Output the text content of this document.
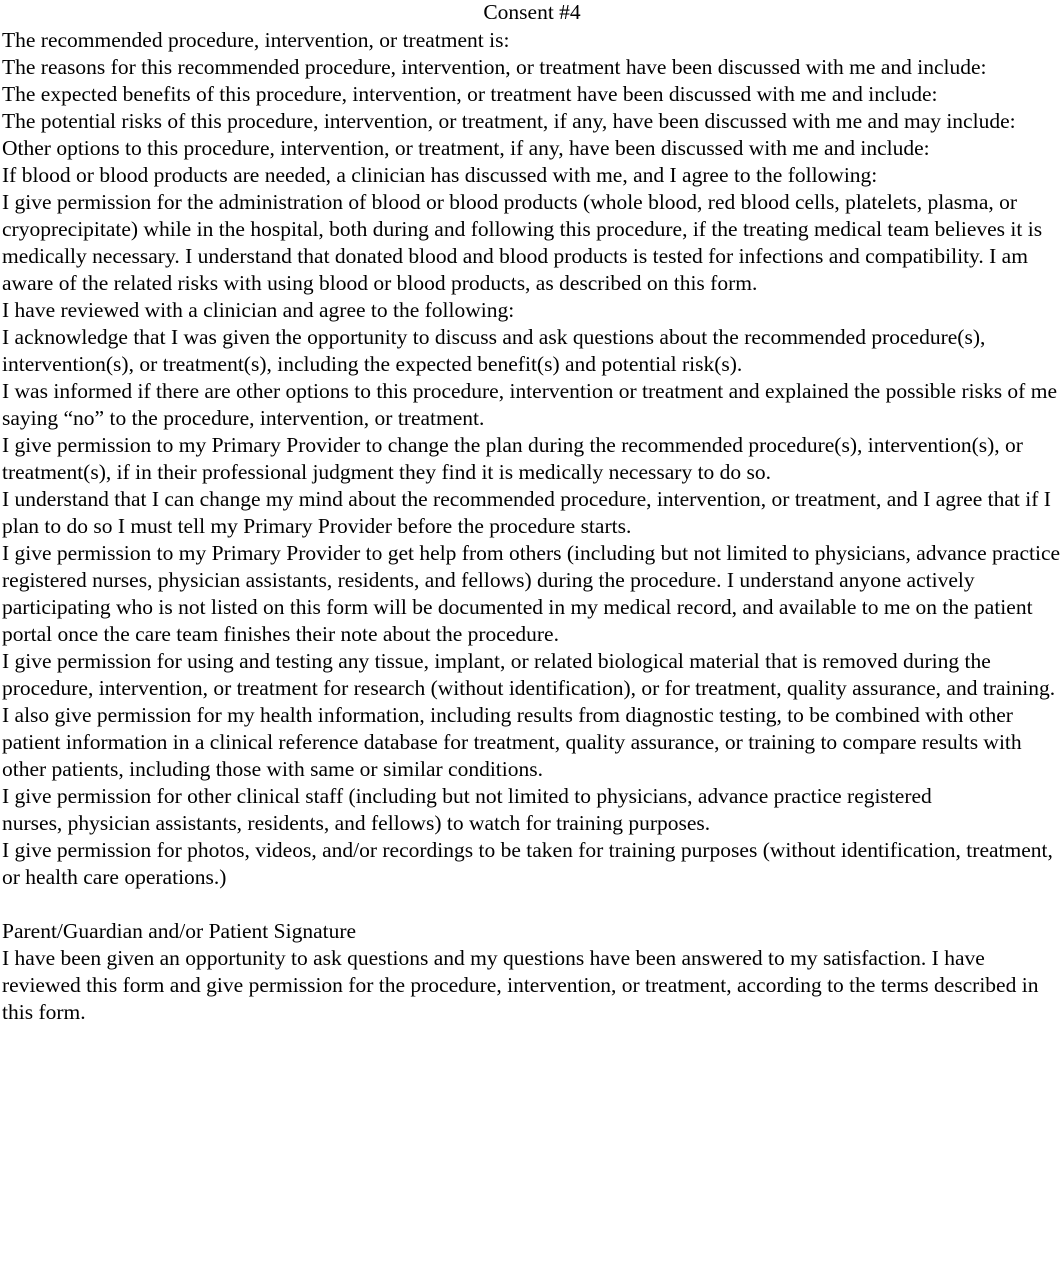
Consent #4

The recommended procedure, intervention, or treatment is:

The reasons for this recommended procedure, intervention, or treatment have been discussed with me and include:

The expected benefits of this procedure, intervention, or treatment have been discussed with me and include:

The potential risks of this procedure, intervention, or treatment, if any, have been discussed with me and may include:

Other options to this procedure, intervention, or treatment, if any, have been discussed with me and include:

If blood or blood products are needed, a clinician has discussed with me, and I agree to the following:

I give permission for the administration of blood or blood products (whole blood, red blood cells, platelets, plasma, or cryoprecipitate) while in the hospital, both during and following this procedure, if the treating medical team believes it is medically necessary. I understand that donated blood and blood products is tested for infections and compatibility. I am aware of the related risks with using blood or blood products, as described on this form.

I have reviewed with a clinician and agree to the following:

I acknowledge that I was given the opportunity to discuss and ask questions about the recommended procedure(s), intervention(s), or treatment(s), including the expected benefit(s) and potential risk(s).

I was informed if there are other options to this procedure, intervention or treatment and explained the possible risks of me saying “no” to the procedure, intervention, or treatment.

I give permission to my Primary Provider to change the plan during the recommended procedure(s), intervention(s), or treatment(s), if in their professional judgment they find it is medically necessary to do so.

I understand that I can change my mind about the recommended procedure, intervention, or treatment, and I agree that if I plan to do so I must tell my Primary Provider before the procedure starts.

I give permission to my Primary Provider to get help from others (including but not limited to physicians, advance practice registered nurses, physician assistants, residents, and fellows) during the procedure. I understand anyone actively participating who is not listed on this form will be documented in my medical record, and available to me on the patient portal once the care team finishes their note about the procedure.

I give permission for using and testing any tissue, implant, or related biological material that is removed during the procedure, intervention, or treatment for research (without identification), or for treatment, quality assurance, and training. I also give permission for my health information, including results from diagnostic testing, to be combined with other patient information in a clinical reference database for treatment, quality assurance, or training to compare results with other patients, including those with same or similar conditions.

I give permission for other clinical staff (including but not limited to physicians, advance practice registered

nurses, physician assistants, residents, and fellows) to watch for training purposes.

I give permission for photos, videos, and/or recordings to be taken for training purposes (without identification, treatment, or health care operations.)

Parent/Guardian and/or Patient Signature

I have been given an opportunity to ask questions and my questions have been answered to my satisfaction. I have reviewed this form and give permission for the procedure, intervention, or treatment, according to the terms described in this form.
